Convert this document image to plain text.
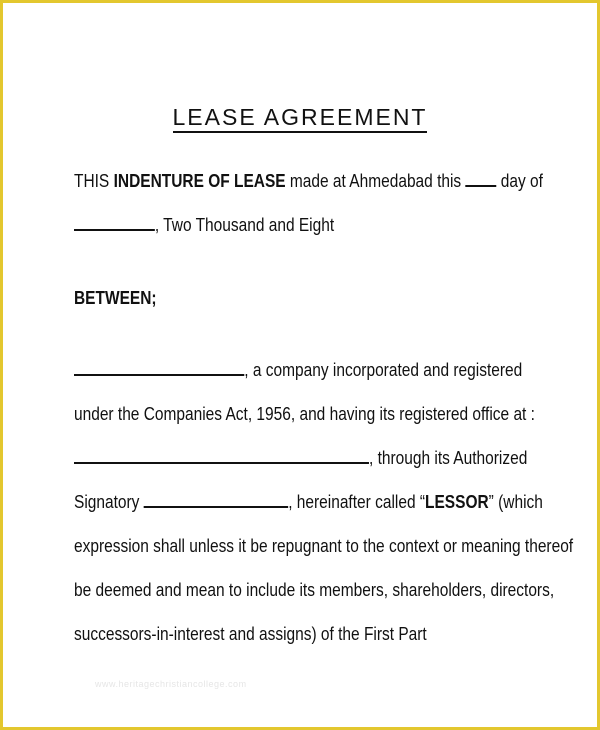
LEASE AGREEMENT
THIS INDENTURE OF LEASE made at Ahmedabad this day of
, Two Thousand and Eight
BETWEEN;
, a company incorporated and registered
under the Companies Act, 1956, and having its registered office at :
, through its Authorized
Signatory	, hereinafter called “LESSOR” (which
expression shall unless it be repugnant to the context or meaning thereof
be deemed and mean to include its members, shareholders, directors,
successors-in-interest and assigns) of the First Part
www.heritagechristiancollege.com
